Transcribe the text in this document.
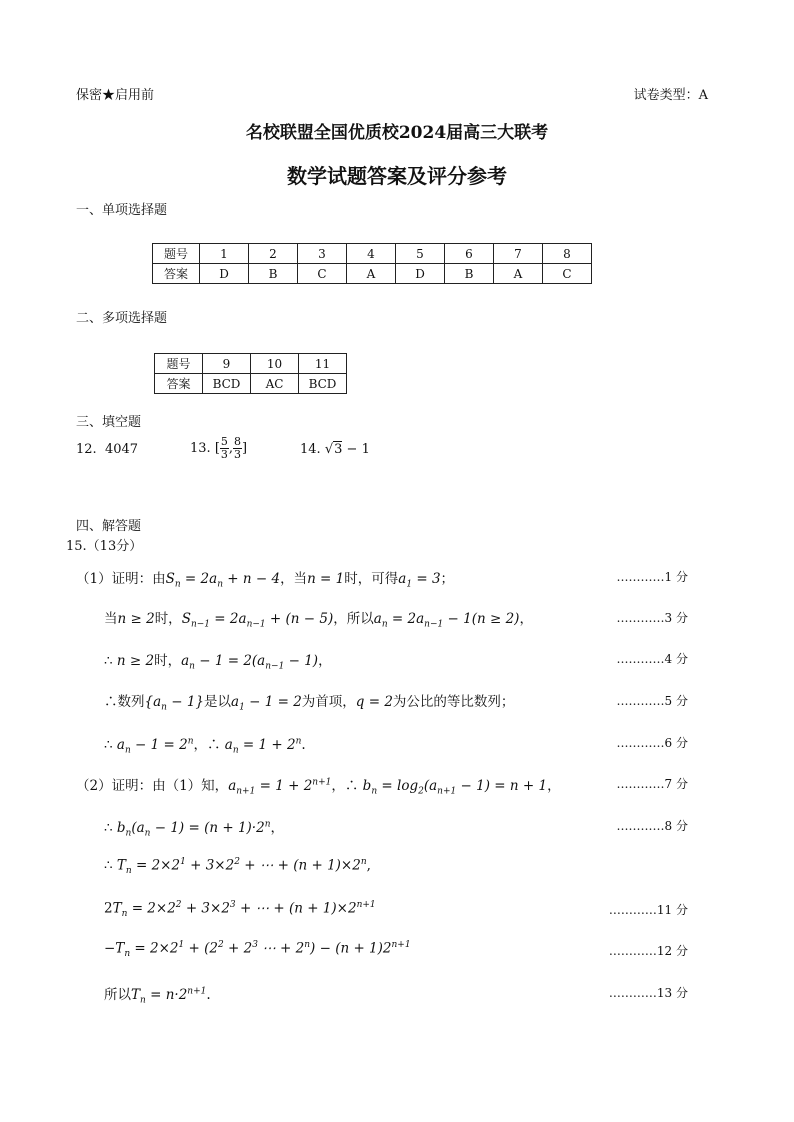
保密★启用前	试卷类型：A
名校联盟全国优质校2024届高三大联考
数学试题答案及评分参考
一、单项选择题
题号	1	2	3	4	5	6	7	8
答案	D	B	C	A	D	B	A	C
二、多项选择题
题号	9	10	11
答案	BCD	AC	BCD
三、填空题
12. 4047	13. [ $\frac{5}{3}$ , $\frac{8}{3}$ ]	14. √3 − 1
四、解答题
15.（13分）
（1）证明：由$S_n = 2a_n + n - 4$，当n = 1时，可得$a_1 = 3$；	…………1 分
当n ≥ 2时，$S_{n-1} = 2a_{n-1} + (n - 5)$，所以$a_n = 2a_{n-1} - 1(n \ge 2)$，	…………3 分
∴ n ≥ 2时，$a_n - 1 = 2(a_{n-1} - 1)$，	…………4 分
∴数列$\{a_n - 1\}$是以$a_1 - 1 = 2$为首项，q = 2为公比的等比数列；	…………5 分
∴ $a_n - 1 = 2^n$，∴ $a_n = 1 + 2^n$.	…………6 分
（2）证明：由（1）知，$a_{n+1} = 1 + 2^{n+1}$，∴ $b_n = \log_2(a_{n+1} - 1) = n + 1$，	…………7 分
∴ $b_n(a_n - 1) = (n + 1)\cdot 2^n$，	…………8 分
∴ $T_n = 2\times 2^1 + 3\times 2^2$ + ⋯ + $(n + 1)\times 2^n$,
$2T_n = 2\times 2^2 + 3\times 2^3$ + ⋯ + $(n + 1)\times 2^{n+1}$	…………11 分
$-T_n = 2\times 2^1 + (2^2 + 2^3$ ⋯ + $2^n) - (n + 1)2^{n+1}$	…………12 分
所以$T_n = n\cdot 2^{n+1}$.	…………13 分
